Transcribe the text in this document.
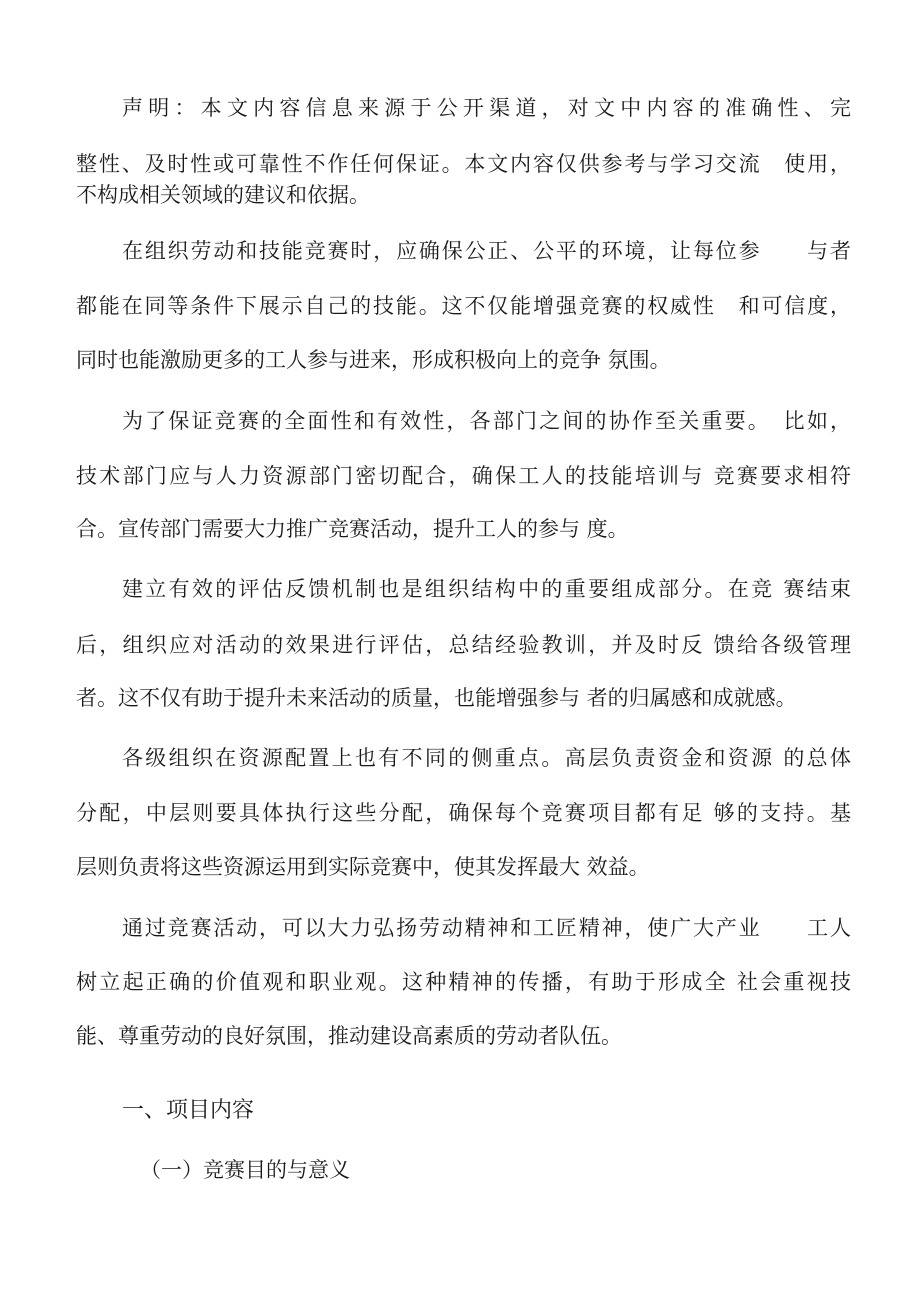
声明：本文内容信息来源于公开渠道，对文中内容的准确性、完
整性、及时性或可靠性不作任何保证。本文内容仅供参考与学习交流　使用，
不构成相关领域的建议和依据。
在组织劳动和技能竞赛时，应确保公正、公平的环境，让每位参　　与者
都能在同等条件下展示自己的技能。这不仅能增强竞赛的权威性　和可信度，
同时也能激励更多的工人参与进来，形成积极向上的竞争 氛围。
为了保证竞赛的全面性和有效性，各部门之间的协作至关重要。　比如，
技术部门应与人力资源部门密切配合，确保工人的技能培训与 竞赛要求相符
合。宣传部门需要大力推广竞赛活动，提升工人的参与 度。
建立有效的评估反馈机制也是组织结构中的重要组成部分。在竞 赛结束
后，组织应对活动的效果进行评估，总结经验教训，并及时反 馈给各级管理
者。这不仅有助于提升未来活动的质量，也能增强参与 者的归属感和成就感。
各级组织在资源配置上也有不同的侧重点。高层负责资金和资源 的总体
分配，中层则要具体执行这些分配，确保每个竞赛项目都有足 够的支持。基
层则负责将这些资源运用到实际竞赛中，使其发挥最大 效益。
通过竞赛活动，可以大力弘扬劳动精神和工匠精神，使广大产业　　工人
树立起正确的价值观和职业观。这种精神的传播，有助于形成全 社会重视技
能、尊重劳动的良好氛围，推动建设高素质的劳动者队伍。
一、项目内容
（一）竞赛目的与意义
